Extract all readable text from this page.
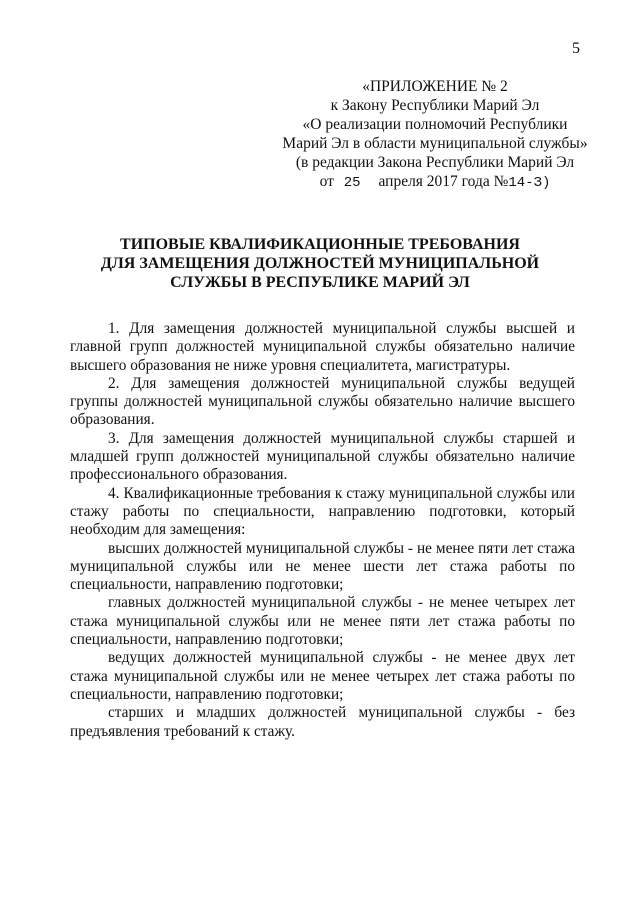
5
«ПРИЛОЖЕНИЕ № 2
к Закону Республики Марий Эл
«О реализации полномочий Республики
Марий Эл в области муниципальной службы»
(в редакции Закона Республики Марий Эл
от 25 апреля 2017 года №14-З)
ТИПОВЫЕ КВАЛИФИКАЦИОННЫЕ ТРЕБОВАНИЯ
ДЛЯ ЗАМЕЩЕНИЯ ДОЛЖНОСТЕЙ МУНИЦИПАЛЬНОЙ
СЛУЖБЫ В РЕСПУБЛИКЕ МАРИЙ ЭЛ

1. Для замещения должностей муниципальной службы высшей и главной групп должностей муниципальной службы обязательно наличие высшего образования не ниже уровня специалитета, магистратуры.

2. Для замещения должностей муниципальной службы ведущей группы должностей муниципальной службы обязательно наличие высшего образования.

3. Для замещения должностей муниципальной службы старшей и младшей групп должностей муниципальной службы обязательно наличие профессионального образования.

4. Квалификационные требования к стажу муниципальной службы или стажу работы по специальности, направлению подготовки, который необходим для замещения:

высших должностей муниципальной службы - не менее пяти лет стажа муниципальной службы или не менее шести лет стажа работы по специальности, направлению подготовки;

главных должностей муниципальной службы - не менее четырех лет стажа муниципальной службы или не менее пяти лет стажа работы по специальности, направлению подготовки;

ведущих должностей муниципальной службы - не менее двух лет стажа муниципальной службы или не менее четырех лет стажа работы по специальности, направлению подготовки;

старших и младших должностей муниципальной службы - без предъявления требований к стажу.
